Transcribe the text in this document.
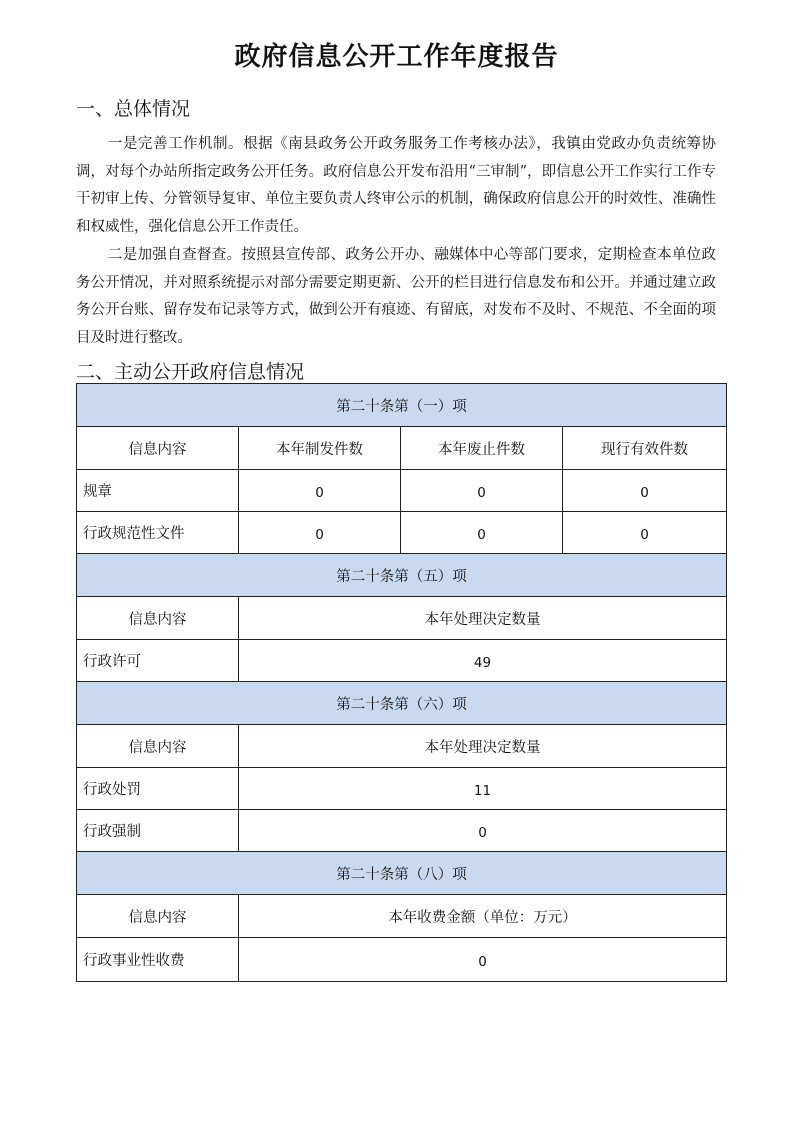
政府信息公开工作年度报告
一、总体情况
一是完善工作机制。根据《南县政务公开政务服务工作考核办法》，我镇由党政办负责统筹协调，对每个办站所指定政务公开任务。政府信息公开发布沿用“三审制”，即信息公开工作实行工作专干初审上传、分管领导复审、单位主要负责人终审公示的机制，确保政府信息公开的时效性、准确性和权威性，强化信息公开工作责任。
二是加强自查督查。按照县宣传部、政务公开办、融媒体中心等部门要求，定期检查本单位政务公开情况，并对照系统提示对部分需要定期更新、公开的栏目进行信息发布和公开。并通过建立政务公开台账、留存发布记录等方式，做到公开有痕迹、有留底，对发布不及时、不规范、不全面的项目及时进行整改。
二、主动公开政府信息情况
第二十条第（一）项			
信息内容	本年制发件数	本年废止件数	现行有效件数
规章	0	0	0
行政规范性文件	0	0	0
第二十条第（五）项			
信息内容	本年处理决定数量		
行政许可	49		
第二十条第（六）项			
信息内容	本年处理决定数量		
行政处罚	11		
行政强制	0		
第二十条第（八）项			
信息内容	本年收费金额（单位：万元）		
行政事业性收费	0		
